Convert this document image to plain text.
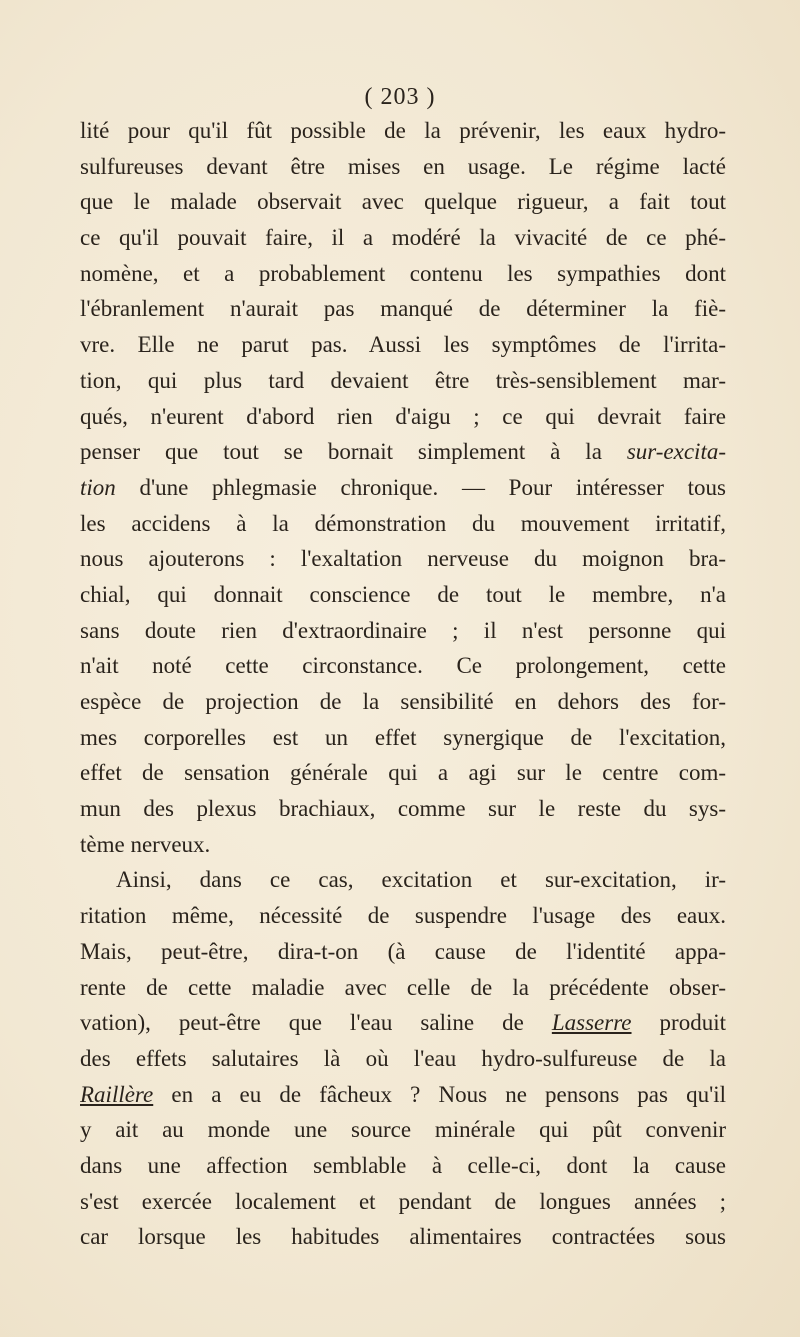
( 203 )
lité pour qu'il fût possible de la prévenir, les eaux hydro-
sulfureuses devant être mises en usage. Le régime lacté
que le malade observait avec quelque rigueur, a fait tout
ce qu'il pouvait faire, il a modéré la vivacité de ce phé-
nomène, et a probablement contenu les sympathies dont
l'ébranlement n'aurait pas manqué de déterminer la fiè-
vre. Elle ne parut pas. Aussi les symptômes de l'irrita-
tion, qui plus tard devaient être très-sensiblement mar-
qués, n'eurent d'abord rien d'aigu ; ce qui devrait faire
penser que tout se bornait simplement à la sur-excita-
tion d'une phlegmasie chronique. — Pour intéresser tous
les accidens à la démonstration du mouvement irritatif,
nous ajouterons : l'exaltation nerveuse du moignon bra-
chial, qui donnait conscience de tout le membre, n'a
sans doute rien d'extraordinaire ; il n'est personne qui
n'ait noté cette circonstance. Ce prolongement, cette
espèce de projection de la sensibilité en dehors des for-
mes corporelles est un effet synergique de l'excitation,
effet de sensation générale qui a agi sur le centre com-
mun des plexus brachiaux, comme sur le reste du sys-
tème nerveux.
Ainsi, dans ce cas, excitation et sur-excitation, ir-
ritation même, nécessité de suspendre l'usage des eaux.
Mais, peut-être, dira-t-on (à cause de l'identité appa-
rente de cette maladie avec celle de la précédente obser-
vation), peut-être que l'eau saline de Lasserre produit
des effets salutaires là où l'eau hydro-sulfureuse de la
Raillère en a eu de fâcheux ? Nous ne pensons pas qu'il
y ait au monde une source minérale qui pût convenir
dans une affection semblable à celle-ci, dont la cause
s'est exercée localement et pendant de longues années ;
car lorsque les habitudes alimentaires contractées sous
